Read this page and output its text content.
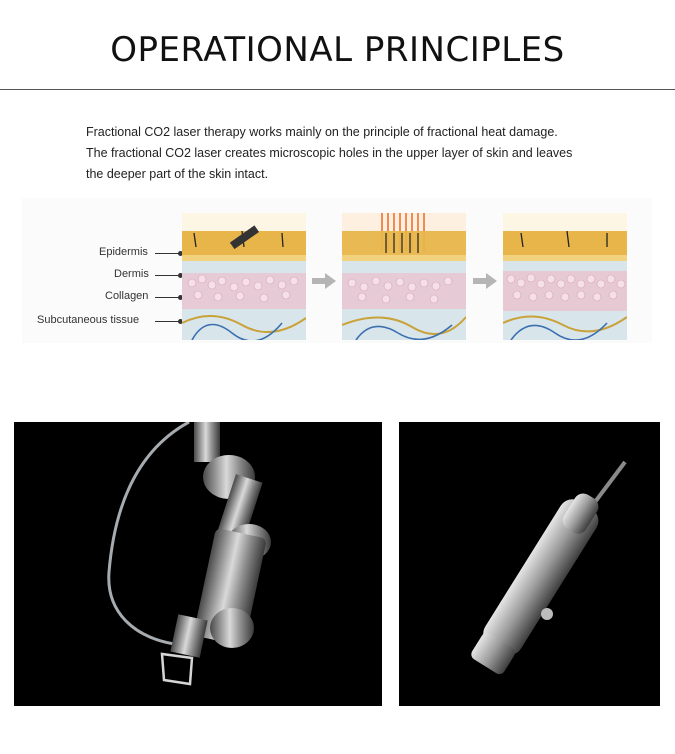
OPERATIONAL PRINCIPLES

Fractional CO2 laser therapy works mainly on the principle of fractional heat damage.

The fractional CO2 laser creates microscopic holes in the upper layer of skin and leaves

the deeper part of the skin intact.

Epidermis
Dermis
Collagen
Subcutaneous tissue
